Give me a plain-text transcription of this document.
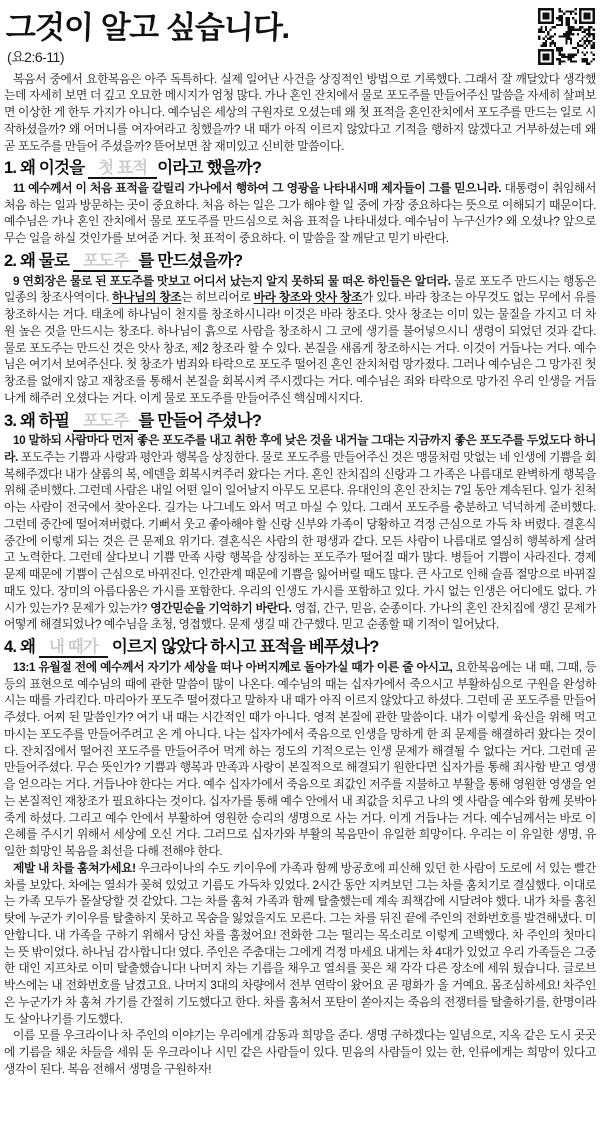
그것이 알고 싶습니다.
(요2:6-11)

복음서 중에서 요한복음은 아주 독특하다. 실제 일어난 사건을 상징적인 방법으로 기록했다. 그래서 잘 깨달았다 생각했는데 자세히 보면 더 깊고 오묘한 메시지가 엄청 많다. 가나 혼인 잔치에서 물로 포도주를 만들어주신 말씀을 자세히 살펴보면 이상한 게 한두 가지가 아니다. 예수님은 세상의 구원자로 오셨는데 왜 첫 표적을 혼인잔치에서 포도주를 만드는 일로 시작하셨을까? 왜 어머니를 여자여라고 칭했을까? 내 때가 아직 이르지 않았다고 기적을 행하지 않겠다고 거부하셨는데 왜 곧 포도주를 만들어 주셨을까? 뜯어보면 참 재미있고 신비한 말씀이다.

1. 왜 이것을 첫 표적 이라고 했을까?

11 예수께서 이 처음 표적을 갈릴리 가나에서 행하여 그 영광을 나타내시매 제자들이 그를 믿으니라. 대통령이 취임해서 처음 하는 일과 방문하는 곳이 중요하다. 처음 하는 일은 그가 해야 할 일 중에 가장 중요하다는 뜻으로 이해되기 때문이다. 예수님은 가나 혼인 잔치에서 물로 포도주를 만드심으로 처음 표적을 나타내셨다. 예수님이 누구신가? 왜 오셨나? 앞으로 무슨 일을 하실 것인가를 보여준 거다. 첫 표적이 중요하다. 이 말씀을 잘 깨닫고 믿기 바란다.

2. 왜 물로 포도주 를 만드셨을까?

9 연회장은 물로 된 포도주를 맛보고 어디서 났는지 알지 못하되 물 떠온 하인들은 알더라. 물로 포도주 만드시는 행동은 일종의 창조사역이다. 하나님의 창조는 히브리어로 바라 창조와 앗사 창조가 있다. 바라 창조는 아무것도 없는 무에서 유를 창조하시는 거다. 태초에 하나님이 천지를 창조하시니라! 이것은 바라 창조다. 앗사 창조는 이미 있는 물질을 가지고 더 차원 높은 것을 만드시는 창조다. 하나님이 흙으로 사람을 창조하시 그 코에 생기를 불어넣으시니 생령이 되었던 것과 같다. 물로 포도주는 만드신 것은 앗사 창조, 제2 창조라 할 수 있다. 본질을 새롭게 창조하시는 거다. 이것이 거듭나는 거다. 예수님은 여기서 보여주신다. 첫 창조가 범죄와 타락으로 포도주 떨어진 혼인 잔치처럼 망가졌다. 그러나 예수님은 그 망가진 첫 창조를 없애지 않고 재창조를 통해서 본질을 회복시켜 주시겠다는 거다. 예수님은 죄와 타락으로 망가진 우리 인생을 거듭나게 해주러 오셨다는 거다. 이게 물로 포도주를 만들어주신 핵심메시지다.

3. 왜 하필 포도주 를 만들어 주셨나?

10 말하되 사람마다 먼저 좋은 포도주를 내고 취한 후에 낮은 것을 내거늘 그대는 지금까지 좋은 포도주를 두었도다 하니라. 포도주는 기쁨과 사랑과 평안과 행복을 상징한다. 물로 포도주를 만들어주신 것은 맹물처럼 맛없는 네 인생에 기쁨을 회복해주겠다! 내가 샬롬의 복, 에덴을 회복시켜주러 왔다는 거다. 혼인 잔치집의 신랑과 그 가족은 나름대로 완벽하게 행복을 위해 준비했다. 그런데 사람은 내일 어떤 일이 일어날지 아무도 모른다. 유대인의 혼인 잔치는 7일 동안 계속된다. 일가 친척 아는 사람이 전국에서 찾아온다. 길가는 나그네도 와서 먹고 마실 수 있다. 그래서 포도주를 충분하고 넉넉하게 준비했다. 그런데 중간에 떨어져버렸다. 기뻐서 웃고 좋아해야 할 신랑 신부와 가족이 당황하고 걱정 근심으로 가득 차 버렸다. 결혼식 중간에 이렇게 되는 것은 큰 문제요 위기다. 결혼식은 사람의 한 평생과 같다. 모든 사람이 나름대로 열심히 행복하게 살려고 노력한다. 그런데 살다보니 기쁨 만족 사랑 행복을 상징하는 포도주가 떨어질 때가 많다. 병들어 기쁨이 사라진다. 경제문제 때문에 기쁨이 근심으로 바뀌진다. 인간관계 때문에 기쁨을 잃어버릴 때도 많다. 큰 사고로 인해 슬픔 절망으로 바뀌질 때도 있다. 장미의 아름다움은 가시를 포함한다. 우리의 인생도 가시를 포함하고 있다. 가시 없는 인생은 어디에도 없다. 가시가 있는가? 문제가 있는가? 영간믿순을 기억하기 바란다. 영접, 간구, 믿음, 순종이다. 가나의 혼인 잔치집에 생긴 문제가 어떻게 해결되었나? 예수님을 초청, 영접했다. 문제 생길 때 간구했다. 믿고 순종할 때 기적이 일어났다.

4. 왜 내 때가 이르지 않았다 하시고 표적을 베푸셨나?

13:1 유월절 전에 예수께서 자기가 세상을 떠나 아버지께로 돌아가실 때가 이른 줄 아시고, 요한복음에는 내 때, 그때, 등등의 표현으로 예수님의 때에 관한 말씀이 많이 나온다. 예수님의 때는 십자가에서 죽으시고 부활하심으로 구원을 완성하시는 때를 가리킨다. 마리아가 포도주 떨어졌다고 말하자 내 때가 아직 이르지 않았다고 하셨다. 그런데 곧 포도주를 만들어주셨다. 어찌 된 말씀인가? 여기 내 때는 시간적인 때가 아니다. 영적 본질에 관한 말씀이다. 내가 이렇게 육신을 위해 먹고 마시는 포도주를 만들어주려고 온 게 아니다. 나는 십자가에서 죽음으로 인생을 망하게 한 죄 문제를 해결하러 왔다는 것이다. 잔치집에서 떨어진 포도주를 만들어주어 먹게 하는 정도의 기적으로는 인생 문제가 해결될 수 없다는 거다. 그런데 곧 만들어주셨다. 무슨 뜻인가? 기쁨과 행복과 만족과 사랑이 본질적으로 해결되기 원한다면 십자가를 통해 죄사함 받고 영생을 얻으라는 거다. 거듭나야 한다는 거다. 예수 십자가에서 죽음으로 죄값인 저주를 지불하고 부활을 통해 영원한 영생을 얻는 본질적인 재창조가 필요하다는 것이다. 십자가를 통해 예수 안에서 내 죄값을 치루고 나의 옛 사람을 예수와 함께 못박아 죽게 하셨다. 그리고 예수 안에서 부활하여 영원한 승리의 생명으로 사는 거다. 이게 거듭나는 거다. 예수님께서는 바로 이 은혜를 주시기 위해서 세상에 오신 거다. 그러므로 십자가와 부활의 복음만이 유일한 희망이다. 우리는 이 유일한 생명, 유일한 희망인 복음을 최선을 다해 전해야 한다.

제발 내 차를 훔쳐가세요! 우크라이나의 수도 키이우에 가족과 함께 방공호에 피신해 있던 한 사람이 도로에 서 있는 빨간 차를 보았다. 차에는 열쇠가 꽂혀 있었고 기름도 가득차 있었다. 2시간 동안 지켜보던 그는 차를 훔치기로 결심했다. 이대로는 가족 모두가 몰살당할 것 같았다. 그는 차를 훔쳐 가족과 함께 탈출했는데 계속 죄책감에 시달려야 했다. 내가 차를 훔친 탓에 누군가 키이우를 탈출하지 못하고 목숨을 잃었을지도 모른다. 그는 차를 뒤진 끝에 주인의 전화번호를 발견해냈다. 미안합니다. 내 가족을 구하기 위해서 당신 차를 훔쳤어요! 전화한 그는 떨리는 목소리로 이렇게 고백했다. 차 주인의 첫마디는 뜻 밖이었다. 하나님 감사합니다! 였다. 주인은 주춤대는 그에게 걱정 마세요 내게는 차 4대가 있었고 우리 가족들은 그중 한 대인 지프차로 이미 탈출했습니다! 나머지 차는 기름을 채우고 열쇠를 꽂은 채 각각 다른 장소에 세워 뒀습니다. 글로브박스에는 내 전화번호를 남겼고요. 나머지 3대의 차량에서 전부 연락이 왔어요 곧 평화가 올 거예요. 몸조심하세요! 차주인은 누군가가 차 훔쳐 가기를 간절히 기도했다고 한다. 차를 훔쳐서 포탄이 쏟아지는 죽음의 전쟁터를 탈출하기를, 한명이라도 살아나기를 기도했다.

이름 모를 우크라이나 차 주인의 이야기는 우리에게 감동과 희망을 준다. 생명 구하겠다는 일념으로, 지옥 같은 도시 곳곳에 기름을 채운 차들을 세워 둔 우크라이나 시민 같은 사람들이 있다. 믿음의 사람들이 있는 한, 인류에게는 희망이 있다고 생각이 된다. 복음 전해서 생명을 구원하자!
